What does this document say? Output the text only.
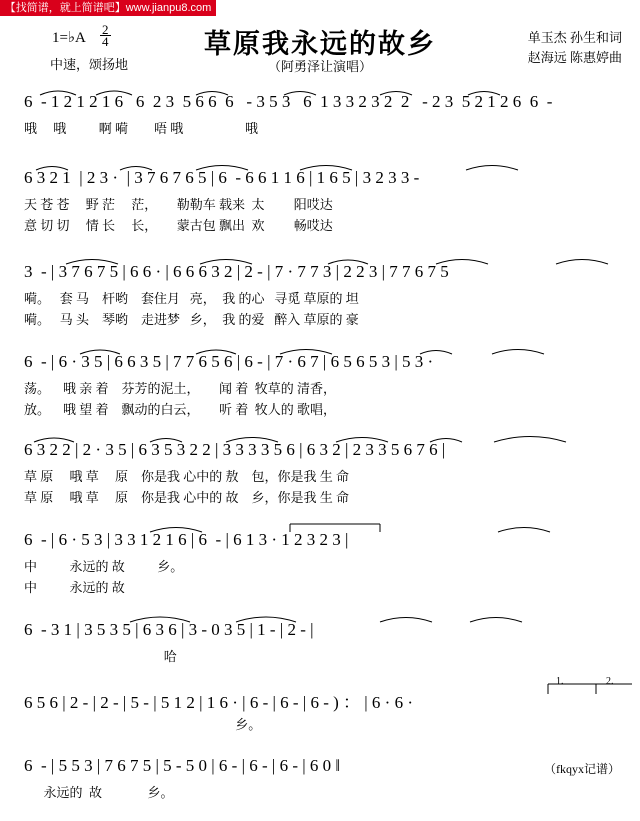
【找简谱，就上简谱吧】www.jianpu8.com
1=♭A $\frac{2}{4}$
中速，颂扬地
草原我永远的故乡
（阿勇泽让演唱）
单玉杰 孙生和词
赵海远 陈惠婷曲
6  - 1 2 1 2 1 6   6  2 3  5 6 6  6   - 3 5 3   6  1 3 3 2 3 2  2   - 2 3  5 2 1 2 6  6  -
哦     哦          啊 嗬        唔 哦                   哦
6 3 2 1  | 2 3 ·  | 3 7 6 7 6 5 | 6  - 6 6 1 1 6 | 1 6 5 | 3 2 3 3 -
天 苍 苍     野 茫     茫，      勒勒车 载来  太         阳哎达
意 切 切     情 长     长，      蒙古包 飘出  欢         畅哎达
3  - | 3 7 6 7 5 | 6 6 · | 6 6 6 3 2 | 2 - | 7 · 7 7 3 | 2 2 3 | 7 7 6 7 5
嗬。   套 马    杆哟    套住月   亮，  我 的心   寻觅 草原的 坦
嗬。   马 头    琴哟    走进梦   乡，  我 的爱   醉入 草原的 豪
6  - | 6 · 3 5 | 6 6 3 5 | 7 7 6 5 6 | 6 - | 7 · 6 7 | 6 5 6 5 3 | 5 3 ·
荡。    哦 亲 着    芬芳的泥土，      闻 着  牧草的 清香，
放。    哦 望 着    飘动的白云，      听 着  牧人的 歌唱，
6 3 2 2 | 2 · 3 5 | 6 3 5 3 2 2 | 3 3 3 3 5 6 | 6 3 2 | 2 3 3 5 6 7 6 |
草 原     哦 草     原    你是我 心中的 敖    包，你是我 生 命
草 原     哦 草     原    你是我 心中的 故    乡，你是我 生 命
6  - | 6 · 5 3 | 3 3 1 2 1 6 | 6  - | 6 1 3 · 1 2 3 2 3 |
中          永远的 故          乡。
中          永远的 故
6  - 3 1 | 3 5 3 5 | 6 3 6 | 3 - 0 3 5 | 1 - | 2 - |
哈
6 5 6 | 2 - | 2 - | 5 - | 5 1 2 | 1 6 · | 6 - | 6 - | 6 - ) ： | 6 · 6 ·
乡。
1.	2.
6  - | 5 5 3 | 7 6 7 5 | 5 - 5 0 | 6 - | 6 - | 6 - | 6 0 ‖
永远的  故              乡。
（fkqyx记谱）
